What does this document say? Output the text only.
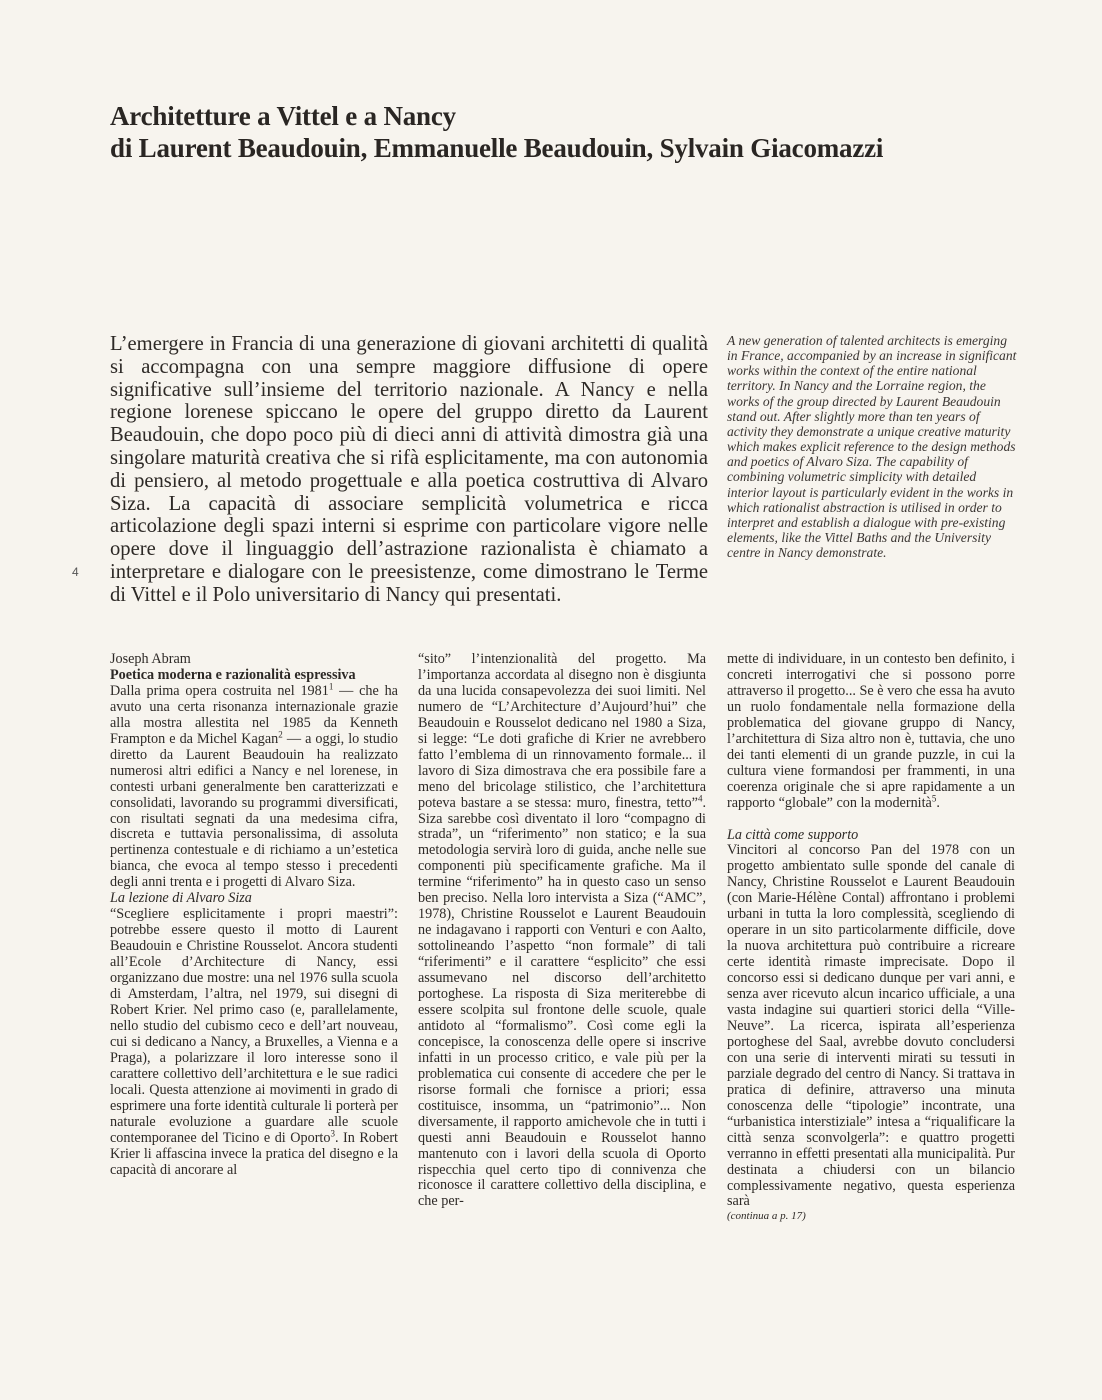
Architetture a Vittel e a Nancy
di Laurent Beaudouin, Emmanuelle Beaudouin, Sylvain Giacomazzi
L’emergere in Francia di una generazione di giovani architetti di qualità si accompagna con una sempre maggiore diffusione di opere significative sull’insieme del territorio nazionale. A Nancy e nella regione lorenese spiccano le opere del gruppo diretto da Laurent Beaudouin, che dopo poco più di dieci anni di attività dimostra già una singolare maturità creativa che si rifà esplicitamente, ma con autonomia di pensiero, al metodo progettuale e alla poetica costruttiva di Alvaro Siza. La capacità di associare semplicità volumetrica e ricca articolazione degli spazi interni si esprime con particolare vigore nelle opere dove il linguaggio dell’astrazione razionalista è chiamato a interpretare e dialogare con le preesistenze, come dimostrano le Terme di Vittel e il Polo universitario di Nancy qui presentati.
A new generation of talented architects is emerging in France, accompanied by an increase in significant works within the context of the entire national territory. In Nancy and the Lorraine region, the works of the group directed by Laurent Beaudouin stand out. After slightly more than ten years of activity they demonstrate a unique creative maturity which makes explicit reference to the design methods and poetics of Alvaro Siza. The capability of combining volumetric simplicity with detailed interior layout is particularly evident in the works in which rationalist abstraction is utilised in order to interpret and establish a dialogue with pre-existing elements, like the Vittel Baths and the University centre in Nancy demonstrate.
4

Joseph Abram

Poetica moderna e razionalità espressiva

Dalla prima opera costruita nel 1981$^1$ — che ha avuto una certa risonanza internazionale grazie alla mostra allestita nel 1985 da Kenneth Frampton e da Michel Kagan$^2$ — a oggi, lo studio diretto da Laurent Beaudouin ha realizzato numerosi altri edifici a Nancy e nel lorenese, in contesti urbani generalmente ben caratterizzati e consolidati, lavorando su programmi diversificati, con risultati segnati da una medesima cifra, discreta e tuttavia personalissima, di assoluta pertinenza contestuale e di richiamo a un’estetica bianca, che evoca al tempo stesso i precedenti degli anni trenta e i progetti di Alvaro Siza.

La lezione di Alvaro Siza

“Scegliere esplicitamente i propri maestri”: potrebbe essere questo il motto di Laurent Beaudouin e Christine Rousselot. Ancora studenti all’Ecole d’Architecture di Nancy, essi organizzano due mostre: una nel 1976 sulla scuola di Amsterdam, l’altra, nel 1979, sui disegni di Robert Krier. Nel primo caso (e, parallelamente, nello studio del cubismo ceco e dell’art nouveau, cui si dedicano a Nancy, a Bruxelles, a Vienna e a Praga), a polarizzare il loro interesse sono il carattere collettivo dell’architettura e le sue radici locali. Questa attenzione ai movimenti in grado di esprimere una forte identità culturale li porterà per naturale evoluzione a guardare alle scuole contemporanee del Ticino e di Oporto$^3$. In Robert Krier li affascina invece la pratica del disegno e la capacità di ancorare al

“sito” l’intenzionalità del progetto. Ma l’importanza accordata al disegno non è disgiunta da una lucida consapevolezza dei suoi limiti. Nel numero de “L’Architecture d’Aujourd’hui” che Beaudouin e Rousselot dedicano nel 1980 a Siza, si legge: “Le doti grafiche di Krier ne avrebbero fatto l’emblema di un rinnovamento formale... il lavoro di Siza dimostrava che era possibile fare a meno del bricolage stilistico, che l’architettura poteva bastare a se stessa: muro, finestra, tetto”$^4$. Siza sarebbe così diventato il loro “compagno di strada”, un “riferimento” non statico; e la sua metodologia servirà loro di guida, anche nelle sue componenti più specificamente grafiche. Ma il termine “riferimento” ha in questo caso un senso ben preciso. Nella loro intervista a Siza (“AMC”, 1978), Christine Rousselot e Laurent Beaudouin ne indagavano i rapporti con Venturi e con Aalto, sottolineando l’aspetto “non formale” di tali “riferimenti” e il carattere “esplicito” che essi assumevano nel discorso dell’architetto portoghese. La risposta di Siza meriterebbe di essere scolpita sul frontone delle scuole, quale antidoto al “formalismo”. Così come egli la concepisce, la conoscenza delle opere si inscrive infatti in un processo critico, e vale più per la problematica cui consente di accedere che per le risorse formali che fornisce a priori; essa costituisce, insomma, un “patrimonio”... Non diversamente, il rapporto amichevole che in tutti i questi anni Beaudouin e Rousselot hanno mantenuto con i lavori della scuola di Oporto rispecchia quel certo tipo di connivenza che riconosce il carattere collettivo della disciplina, e che per-

mette di individuare, in un contesto ben definito, i concreti interrogativi che si possono porre attraverso il progetto... Se è vero che essa ha avuto un ruolo fondamentale nella formazione della problematica del giovane gruppo di Nancy, l’architettura di Siza altro non è, tuttavia, che uno dei tanti elementi di un grande puzzle, in cui la cultura viene formandosi per frammenti, in una coerenza originale che si apre rapidamente a un rapporto “globale” con la modernità$^5$.

La città come supporto

Vincitori al concorso Pan del 1978 con un progetto ambientato sulle sponde del canale di Nancy, Christine Rousselot e Laurent Beaudouin (con Marie-Hélène Contal) affrontano i problemi urbani in tutta la loro complessità, scegliendo di operare in un sito particolarmente difficile, dove la nuova architettura può contribuire a ricreare certe identità rimaste imprecisate. Dopo il concorso essi si dedicano dunque per vari anni, e senza aver ricevuto alcun incarico ufficiale, a una vasta indagine sui quartieri storici della “Ville-Neuve”. La ricerca, ispirata all’esperienza portoghese del Saal, avrebbe dovuto concludersi con una serie di interventi mirati su tessuti in parziale degrado del centro di Nancy. Si trattava in pratica di definire, attraverso una minuta conoscenza delle “tipologie” incontrate, una “urbanistica interstiziale” intesa a “riqualificare la città senza sconvolgerla”: e quattro progetti verranno in effetti presentati alla municipalità. Pur destinata a chiudersi con un bilancio complessivamente negativo, questa esperienza sarà

(continua a p. 17)
